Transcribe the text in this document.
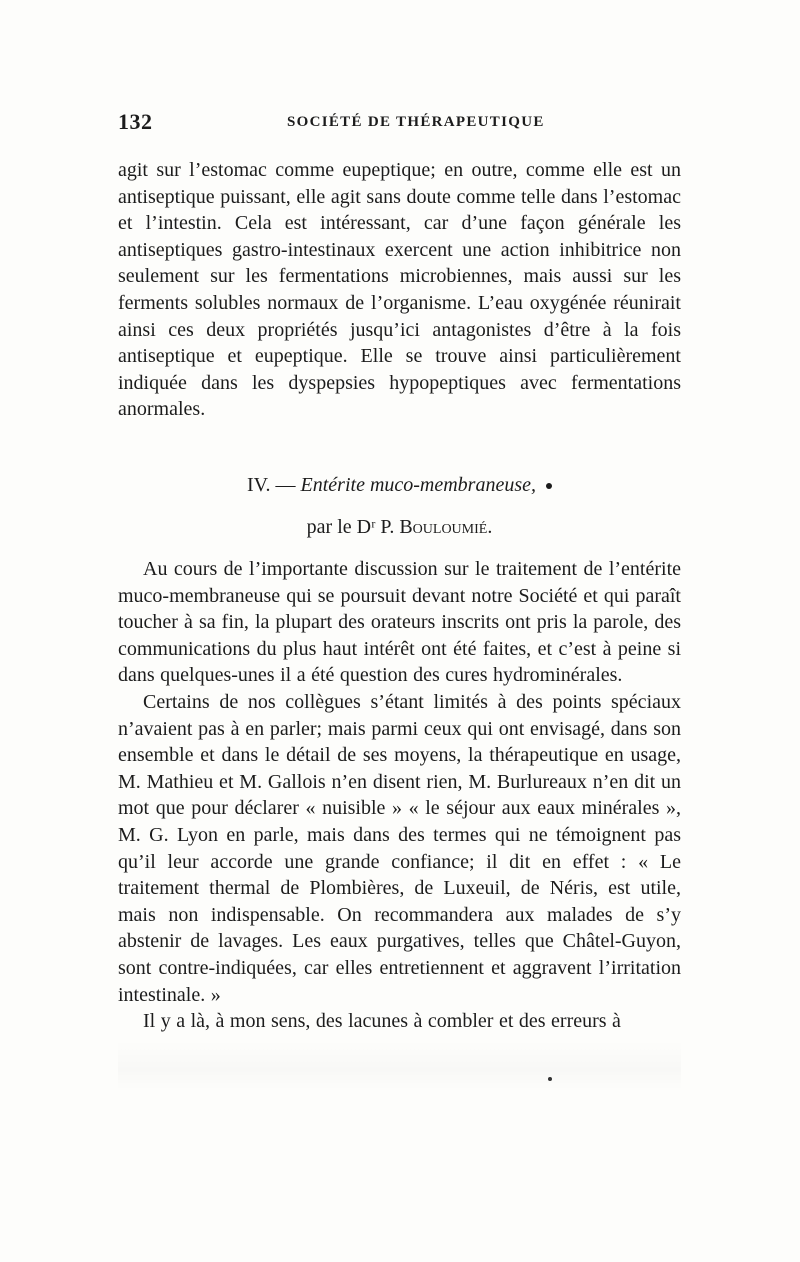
132	SOCIÉTÉ DE THÉRAPEUTIQUE

agit sur l’estomac comme eupeptique; en outre, comme elle est un antiseptique puissant, elle agit sans doute comme telle dans l’estomac et l’intestin. Cela est intéressant, car d’une façon générale les antiseptiques gastro-intestinaux exercent une action inhibitrice non seulement sur les fermentations microbiennes, mais aussi sur les ferments solubles normaux de l’organisme. L’eau oxygénée réunirait ainsi ces deux propriétés jusqu’ici antagonistes d’être à la fois antiseptique et eupeptique. Elle se trouve ainsi particulièrement indiquée dans les dyspepsies hypopeptiques avec fermentations anormales.

IV. — Entérite muco-membraneuse,
par le Dʳ P. Bouloumié.

Au cours de l’importante discussion sur le traitement de l’entérite muco-membraneuse qui se poursuit devant notre Société et qui paraît toucher à sa fin, la plupart des orateurs inscrits ont pris la parole, des communications du plus haut intérêt ont été faites, et c’est à peine si dans quelques-unes il a été question des cures hydrominérales.

Certains de nos collègues s’étant limités à des points spéciaux n’avaient pas à en parler; mais parmi ceux qui ont envisagé, dans son ensemble et dans le détail de ses moyens, la thérapeutique en usage, M. Mathieu et M. Gallois n’en disent rien, M. Burlureaux n’en dit un mot que pour déclarer « nuisible » « le séjour aux eaux minérales », M. G. Lyon en parle, mais dans des termes qui ne témoignent pas qu’il leur accorde une grande confiance; il dit en effet : « Le traitement thermal de Plombières, de Luxeuil, de Néris, est utile, mais non indispensable. On recommandera aux malades de s’y abstenir de lavages. Les eaux purgatives, telles que Châtel-Guyon, sont contre-indiquées, car elles entretiennent et aggravent l’irritation intestinale. »

Il y a là, à mon sens, des lacunes à combler et des erreurs à
